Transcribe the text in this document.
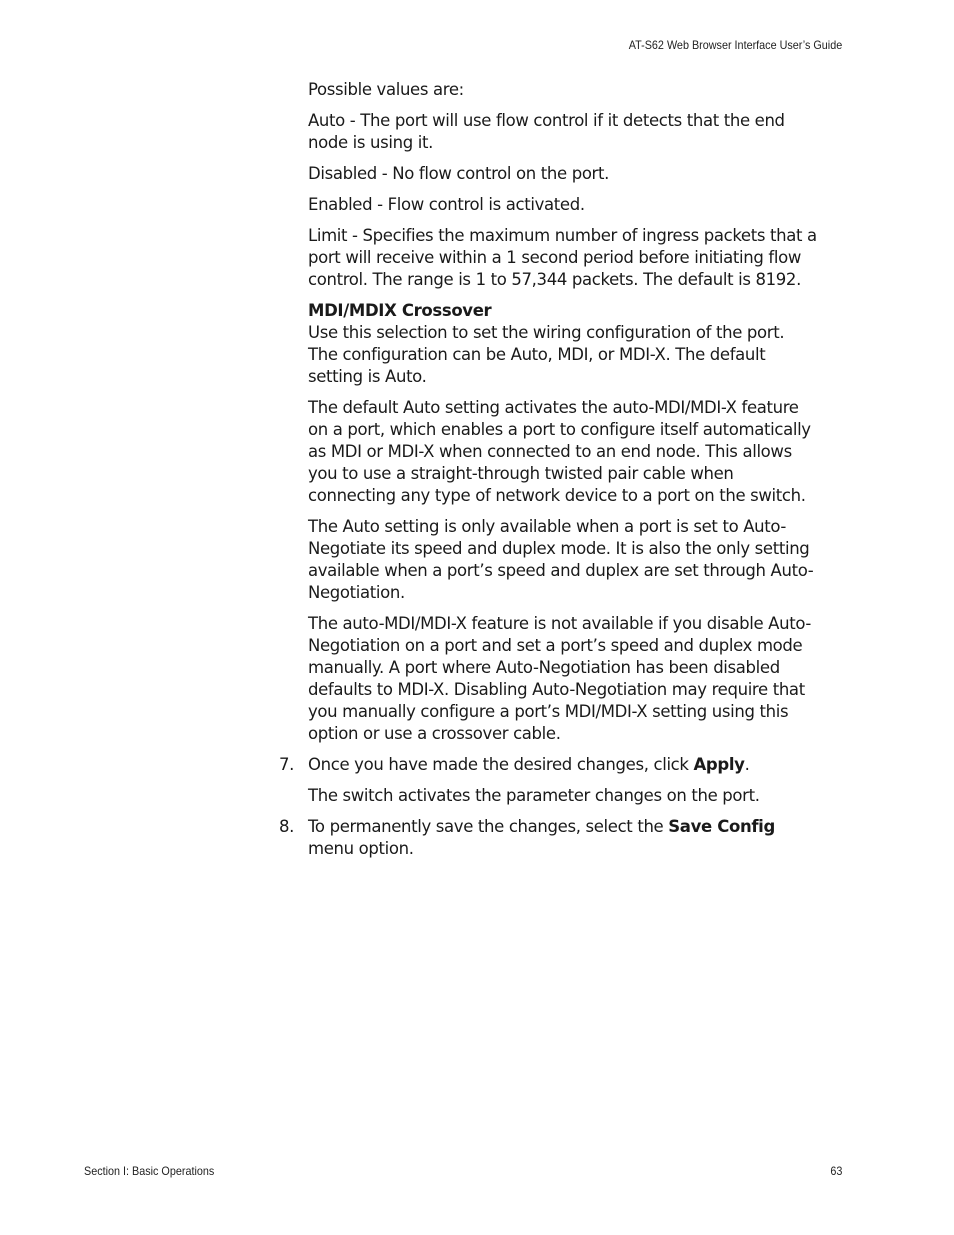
AT-S62 Web Browser Interface User’s Guide

Possible values are:

Auto - The port will use flow control if it detects that the end node is using it.

Disabled - No flow control on the port.

Enabled - Flow control is activated.

Limit - Specifies the maximum number of ingress packets that a port will receive within a 1 second period before initiating flow control. The range is 1 to 57,344 packets. The default is 8192.

MDI/MDIX Crossover

Use this selection to set the wiring configuration of the port. The configuration can be Auto, MDI, or MDI-X. The default setting is Auto.

The default Auto setting activates the auto-MDI/MDI-X feature on a port, which enables a port to configure itself automatically as MDI or MDI-X when connected to an end node. This allows you to use a straight-through twisted pair cable when connecting any type of network device to a port on the switch.

The Auto setting is only available when a port is set to Auto-Negotiate its speed and duplex mode. It is also the only setting available when a port’s speed and duplex are set through Auto-Negotiation.

The auto-MDI/MDI-X feature is not available if you disable Auto-Negotiation on a port and set a port’s speed and duplex mode manually. A port where Auto-Negotiation has been disabled defaults to MDI-X. Disabling Auto-Negotiation may require that you manually configure a port’s MDI/MDI-X setting using this option or use a crossover cable.

7. Once you have made the desired changes, click Apply.

The switch activates the parameter changes on the port.

8. To permanently save the changes, select the Save Config menu option.

Section I: Basic Operations	63
